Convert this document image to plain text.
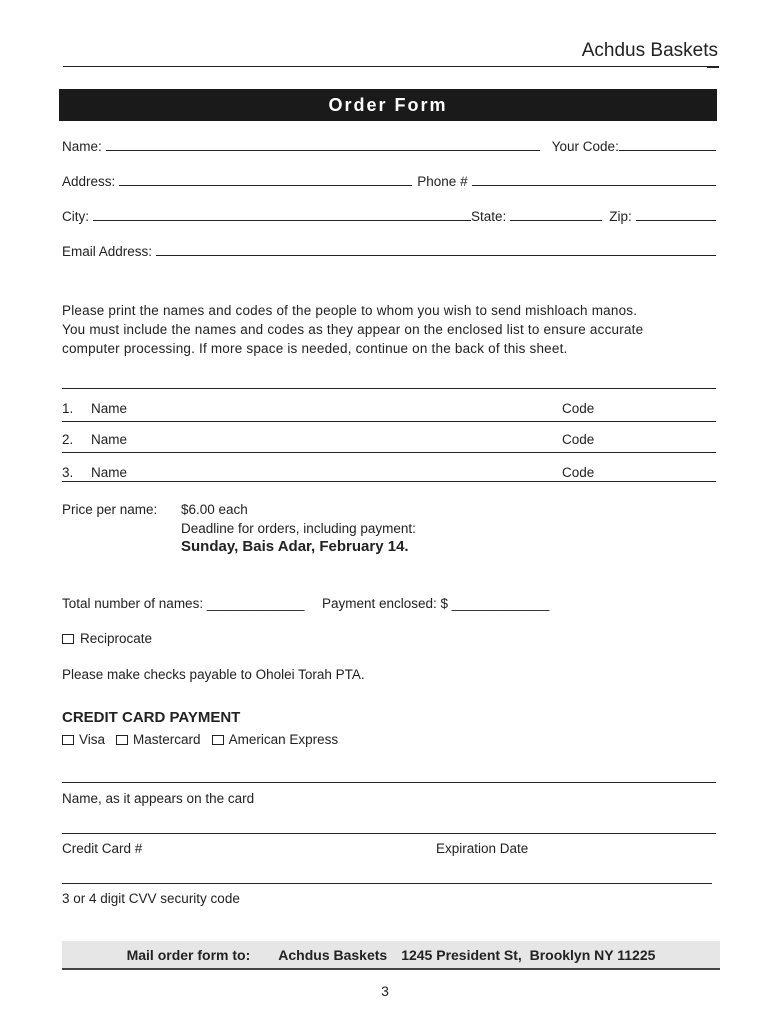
Achdus Baskets
Order Form
Name:	Your Code:
Address:	Phone #
City:	State:	Zip:
Email Address:
Please print the names and codes of the people to whom you wish to send mishloach manos.
You must include the names and codes as they appear on the enclosed list to ensure accurate
computer processing. If more space is needed, continue on the back of this sheet.
1. Name	Code
2. Name	Code
3. Name	Code
Price per name: $6.00 each
Deadline for orders, including payment:
Sunday, Bais Adar, February 14.
Total number of names: _____________ Payment enclosed: $ _____________
Reciprocate
Please make checks payable to Oholei Torah PTA.
CREDIT CARD PAYMENT
Visa Mastercard American Express
Name, as it appears on the card
Credit Card #	Expiration Date
3 or 4 digit CVV security code
Mail order form to: Achdus Baskets 1245 President St,  Brooklyn NY 11225
3
